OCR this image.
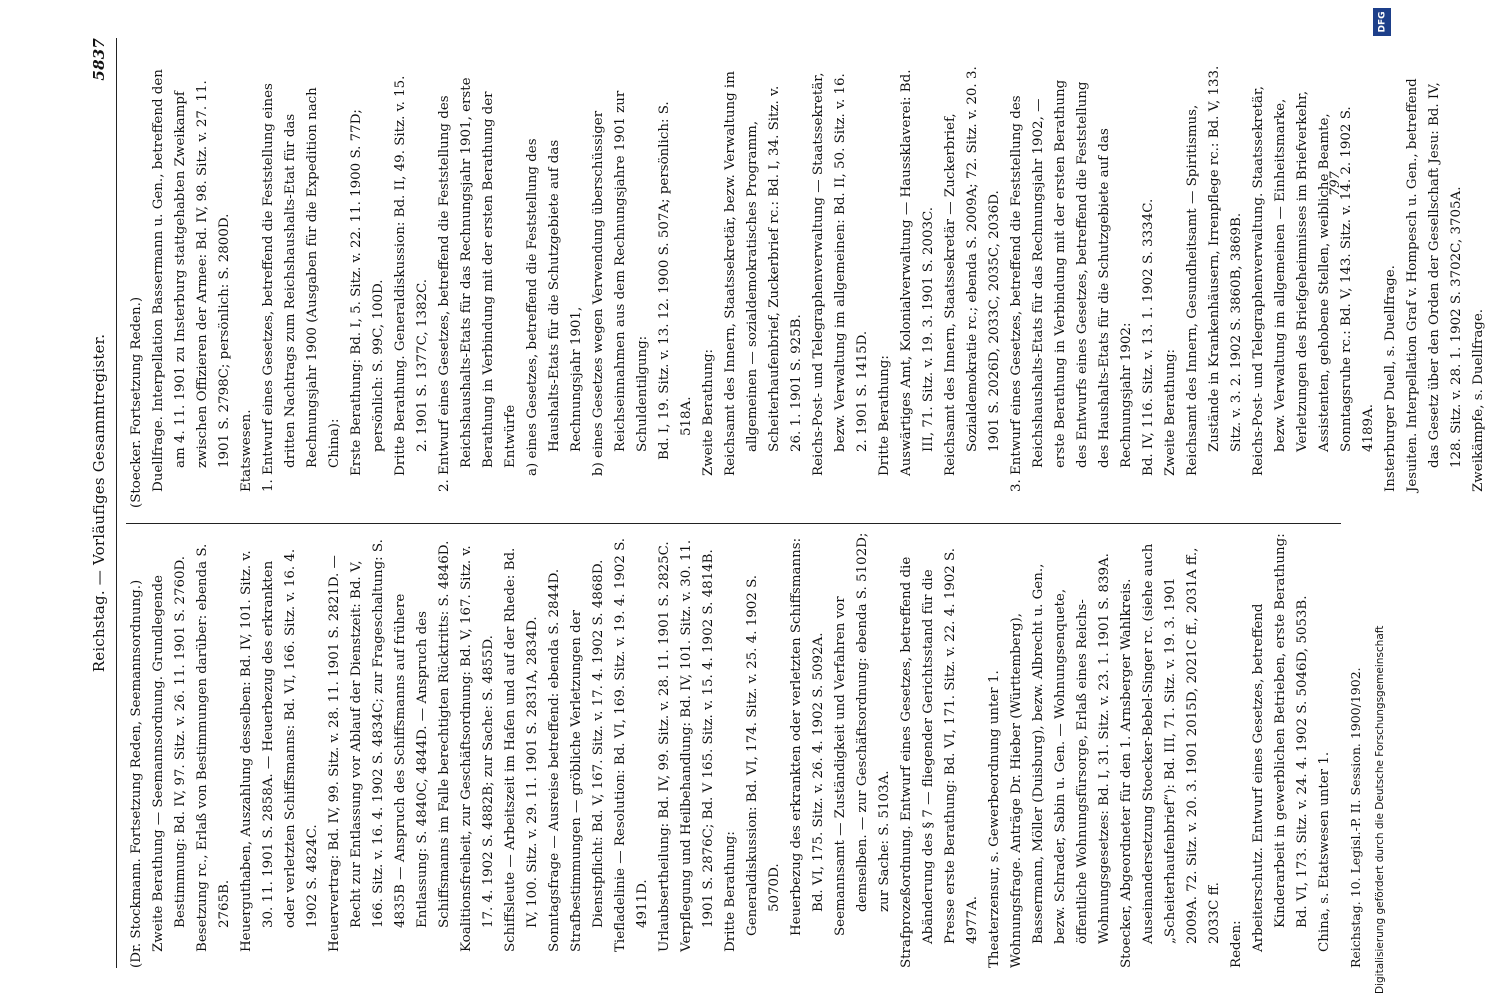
Reichstag. — Vorläufiges Gesammtregister.
5837

(Dr. Stockmann. Fortsetzung Reden, Seemannsordnung.) Zweite Berathung — Seemannsordnung. Grundlegende Bestimmung: Bd. IV, 97. Sitz. v. 26. 11. 1901 S. 2760D. Besetzung rc., Erlaß von Bestimmungen darüber: ebenda S. 2765B. Heuerguthaben, Auszahlung desselben: Bd. IV, 101. Sitz. v. 30. 11. 1901 S. 2858A. — Heuerbezug des erkrankten oder verletzten Schiffsmanns: Bd. VI, 166. Sitz. v. 16. 4. 1902 S. 4824C. Heuervertrag: Bd. IV, 99. Sitz. v. 28. 11. 1901 S. 2821D. — Recht zur Entlassung vor Ablauf der Dienstzeit: Bd. V, 166. Sitz. v. 16. 4. 1902 S. 4834C; zur Frageschaltung: S. 4835B — Anspruch des Schiffsmanns auf frühere Entlassung: S. 4840C, 4844D. — Anspruch des Schiffsmanns im Falle berechtigten Rücktritts: S. 4846D. Koalitionsfreiheit, zur Geschäftsordnung: Bd. V, 167. Sitz. v. 17. 4. 1902 S. 4882B; zur Sache: S. 4855D. Schiffsleute — Arbeitszeit im Hafen und auf der Rhede: Bd. IV, 100. Sitz. v. 29. 11. 1901 S. 2831A, 2834D. Sonntagsfrage — Ausreise betreffend: ebenda S. 2844D. Strafbestimmungen — gröbliche Verletzungen der Dienstpflicht: Bd. V, 167. Sitz. v. 17. 4. 1902 S. 4868D. Tiefladelinie — Resolution: Bd. VI, 169. Sitz. v. 19. 4. 1902 S. 4911D. Urlaubsertheilung: Bd. IV, 99. Sitz. v. 28. 11. 1901 S. 2825C. Verpflegung und Heilbehandlung: Bd. IV, 101. Sitz. v. 30. 11. 1901 S. 2876C; Bd. V 165. Sitz. v. 15. 4. 1902 S. 4814B. Dritte Berathung: Generaldiskussion: Bd. VI, 174. Sitz. v. 25. 4. 1902 S. 5070D. Heuerbezug des erkrankten oder verletzten Schiffsmanns: Bd. VI, 175. Sitz. v. 26. 4. 1902 S. 5092A. Seemannsamt — Zuständigkeit und Verfahren vor demselben. — zur Geschäftsordnung: ebenda S. 5102D; zur Sache: S. 5103A. Strafprozeßordnung. Entwurf eines Gesetzes, betreffend die Abänderung des § 7 — fliegender Gerichtsstand für die Presse erste Berathung: Bd. VI, 171. Sitz. v. 22. 4. 1902 S. 4977A. Theaterzensur, s. Gewerbeordnung unter 1. Wohnungsfrage. Anträge Dr. Hieber (Württemberg), Bassermann, Möller (Duisburg), bezw. Albrecht u. Gen., bezw. Schrader, Sabin u. Gen. — Wohnungsenquete, öffentliche Wohnungsfürsorge, Erlaß eines Reichs-Wohnungsgesetzes: Bd. I, 31. Sitz. v. 23. 1. 1901 S. 839A. Stoecker, Abgeordneter für den 1. Arnsberger Wahlkreis. Auseinandersetzung Stoecker-Bebel-Singer rc. (siehe auch „Scheiterhaufenbrief“): Bd. III, 71. Sitz. v. 19. 3. 1901 2009A. 72. Sitz. v. 20. 3. 1901 2015D, 2021C ff., 2031A ff., 2033C ff.

Reden: Arbeiterschutz. Entwurf eines Gesetzes, betreffend Kinderarbeit in gewerblichen Betrieben, erste Berathung: Bd. VI, 173. Sitz. v. 24. 4. 1902 S. 5046D, 5053B. China, s. Etatswesen unter 1.

(Stoecker. Fortsetzung Reden.) Duellfrage. Interpellation Bassermann u. Gen., betreffend den am 4. 11. 1901 zu Insterburg stattgehabten Zweikampf zwischen Offizieren der Armee: Bd. IV, 98. Sitz. v. 27. 11. 1901 S. 2798C; persönlich: S. 2800D. Etatswesen. 1. Entwurf eines Gesetzes, betreffend die Feststellung eines dritten Nachtrags zum Reichshaushalts-Etat für das Rechnungsjahr 1900 (Ausgaben für die Expedition nach China): Erste Berathung: Bd. I, 5. Sitz. v. 22. 11. 1900 S. 77D; persönlich: S. 99C, 100D. Dritte Berathung. Generaldiskussion: Bd. II, 49. Sitz. v. 15. 2. 1901 S. 1377C, 1382C. 2. Entwurf eines Gesetzes, betreffend die Feststellung des Reichshaushalts-Etats für das Rechnungsjahr 1901, erste Berathung in Verbindung mit der ersten Berathung der Entwürfe a) eines Gesetzes, betreffend die Feststellung des Haushalts-Etats für die Schutzgebiete auf das Rechnungsjahr 1901, b) eines Gesetzes wegen Verwendung überschüssiger Reichseinnahmen aus dem Rechnungsjahre 1901 zur Schuldentilgung: Bd. I, 19. Sitz. v. 13. 12. 1900 S. 507A; persönlich: S. 518A. Zweite Berathung: Reichsamt des Innern, Staatssekretär, bezw. Verwaltung im allgemeinen — sozialdemokratisches Programm, Scheiterhaufenbrief, Zuckerbrief rc.: Bd. I, 34. Sitz. v. 26. 1. 1901 S. 925B. Reichs-Post- und Telegraphenverwaltung — Staatssekretär, bezw. Verwaltung im allgemeinen: Bd. II, 50. Sitz. v. 16. 2. 1901 S. 1415D. Dritte Berathung: Auswärtiges Amt, Kolonialverwaltung — Haussklaverei: Bd. III, 71. Sitz. v. 19. 3. 1901 S. 2003C. Reichsamt des Innern, Staatssekretär — Zuckerbrief, Sozialdemokratie rc.; ebenda S. 2009A; 72. Sitz. v. 20. 3. 1901 S. 2026D, 2033C, 2035C, 2036D. 3. Entwurf eines Gesetzes, betreffend die Feststellung des Reichshaushalts-Etats für das Rechnungsjahr 1902, — erste Berathung in Verbindung mit der ersten Berathung des Entwurfs eines Gesetzes, betreffend die Feststellung des Haushalts-Etats für die Schutzgebiete auf das Rechnungsjahr 1902: Bd. IV, 116. Sitz. v. 13. 1. 1902 S. 3334C. Zweite Berathung: Reichsamt des Innern, Gesundheitsamt — Spiritismus, Zustände in Krankenhäusern, Irrenpflege rc.: Bd. V, 133. Sitz. v. 3. 2. 1902 S. 3860B, 3869B. Reichs-Post- und Telegraphenverwaltung. Staatssekretär, bezw. Verwaltung im allgemeinen — Einheitsmarke, Verletzungen des Briefgeheimnisses im Briefverkehr, Assistenten, gehobene Stellen, weibliche Beamte, Sonntagsruhe rc.: Bd. V, 143. Sitz. v. 14. 2. 1902 S. 4189A. Insterburger Duell, s. Duellfrage. Jesuiten. Interpellation Graf v. Hompesch u. Gen., betreffend das Gesetz über den Orden der Gesellschaft Jesu: Bd. IV, 128. Sitz. v. 28. 1. 1902 S. 3702C, 3705A. Zweikämpfe, s. Duellfrage.

Reichstag. 10. Legisl.-P. II. Session. 1900/1902.
797
DFG
Digitalisierung gefördert durch die Deutsche Forschungsgemeinschaft
